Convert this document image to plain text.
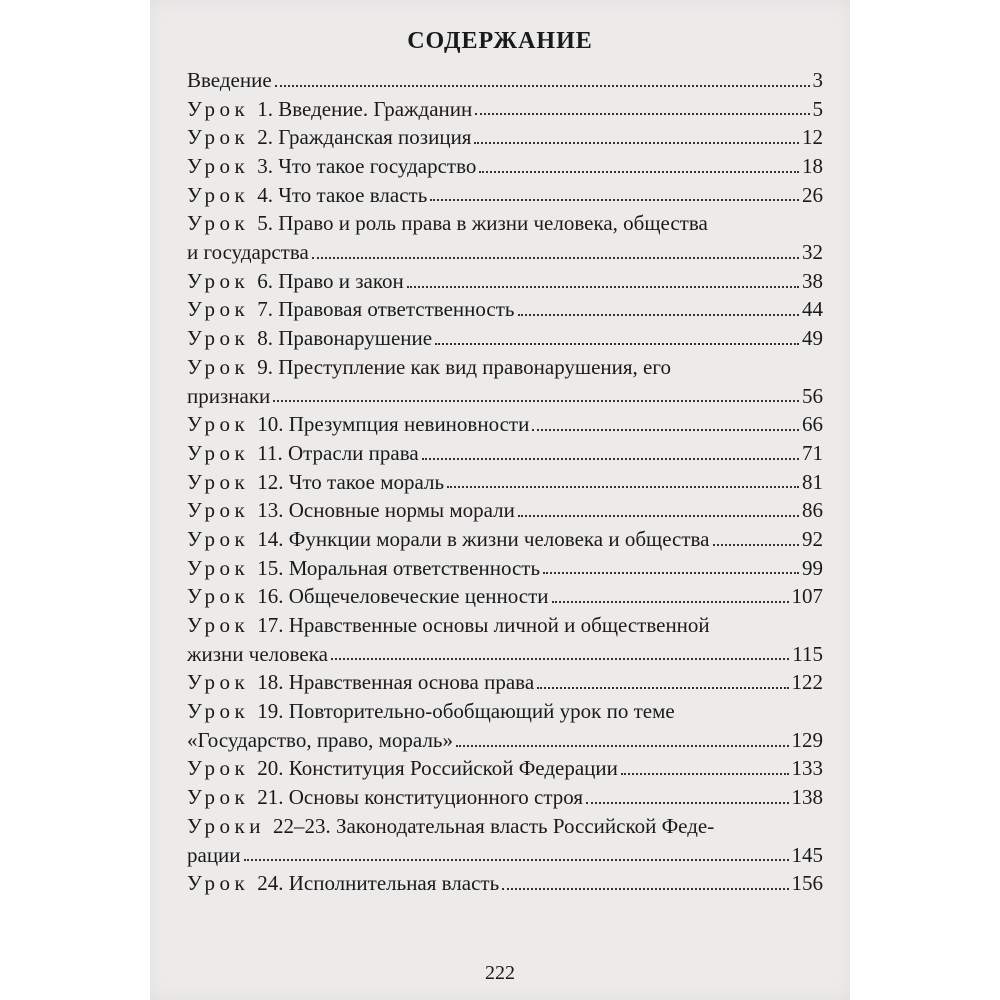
СОДЕРЖАНИЕ
Введение	3
Урок 1. Введение. Гражданин	5
Урок 2. Гражданская позиция	12
Урок 3. Что такое государство	18
Урок 4. Что такое власть	26
Урок 5. Право и роль права в жизни человека, общества
и государства	32
Урок 6. Право и закон	38
Урок 7. Правовая ответственность	44
Урок 8. Правонарушение	49
Урок 9. Преступление как вид правонарушения, его
признаки	56
Урок 10. Презумпция невиновности	66
Урок 11. Отрасли права	71
Урок 12. Что такое мораль	81
Урок 13. Основные нормы морали	86
Урок 14. Функции морали в жизни человека и общества	92
Урок 15. Моральная ответственность	99
Урок 16. Общечеловеческие ценности	107
Урок 17. Нравственные основы личной и общественной
жизни человека	115
Урок 18. Нравственная основа права	122
Урок 19. Повторительно-обобщающий урок по теме
«Государство, право, мораль»	129
Урок 20. Конституция Российской Федерации	133
Урок 21. Основы конституционного строя	138
Уроки 22–23. Законодательная власть Российской Феде-
рации	145
Урок 24. Исполнительная власть	156
222
